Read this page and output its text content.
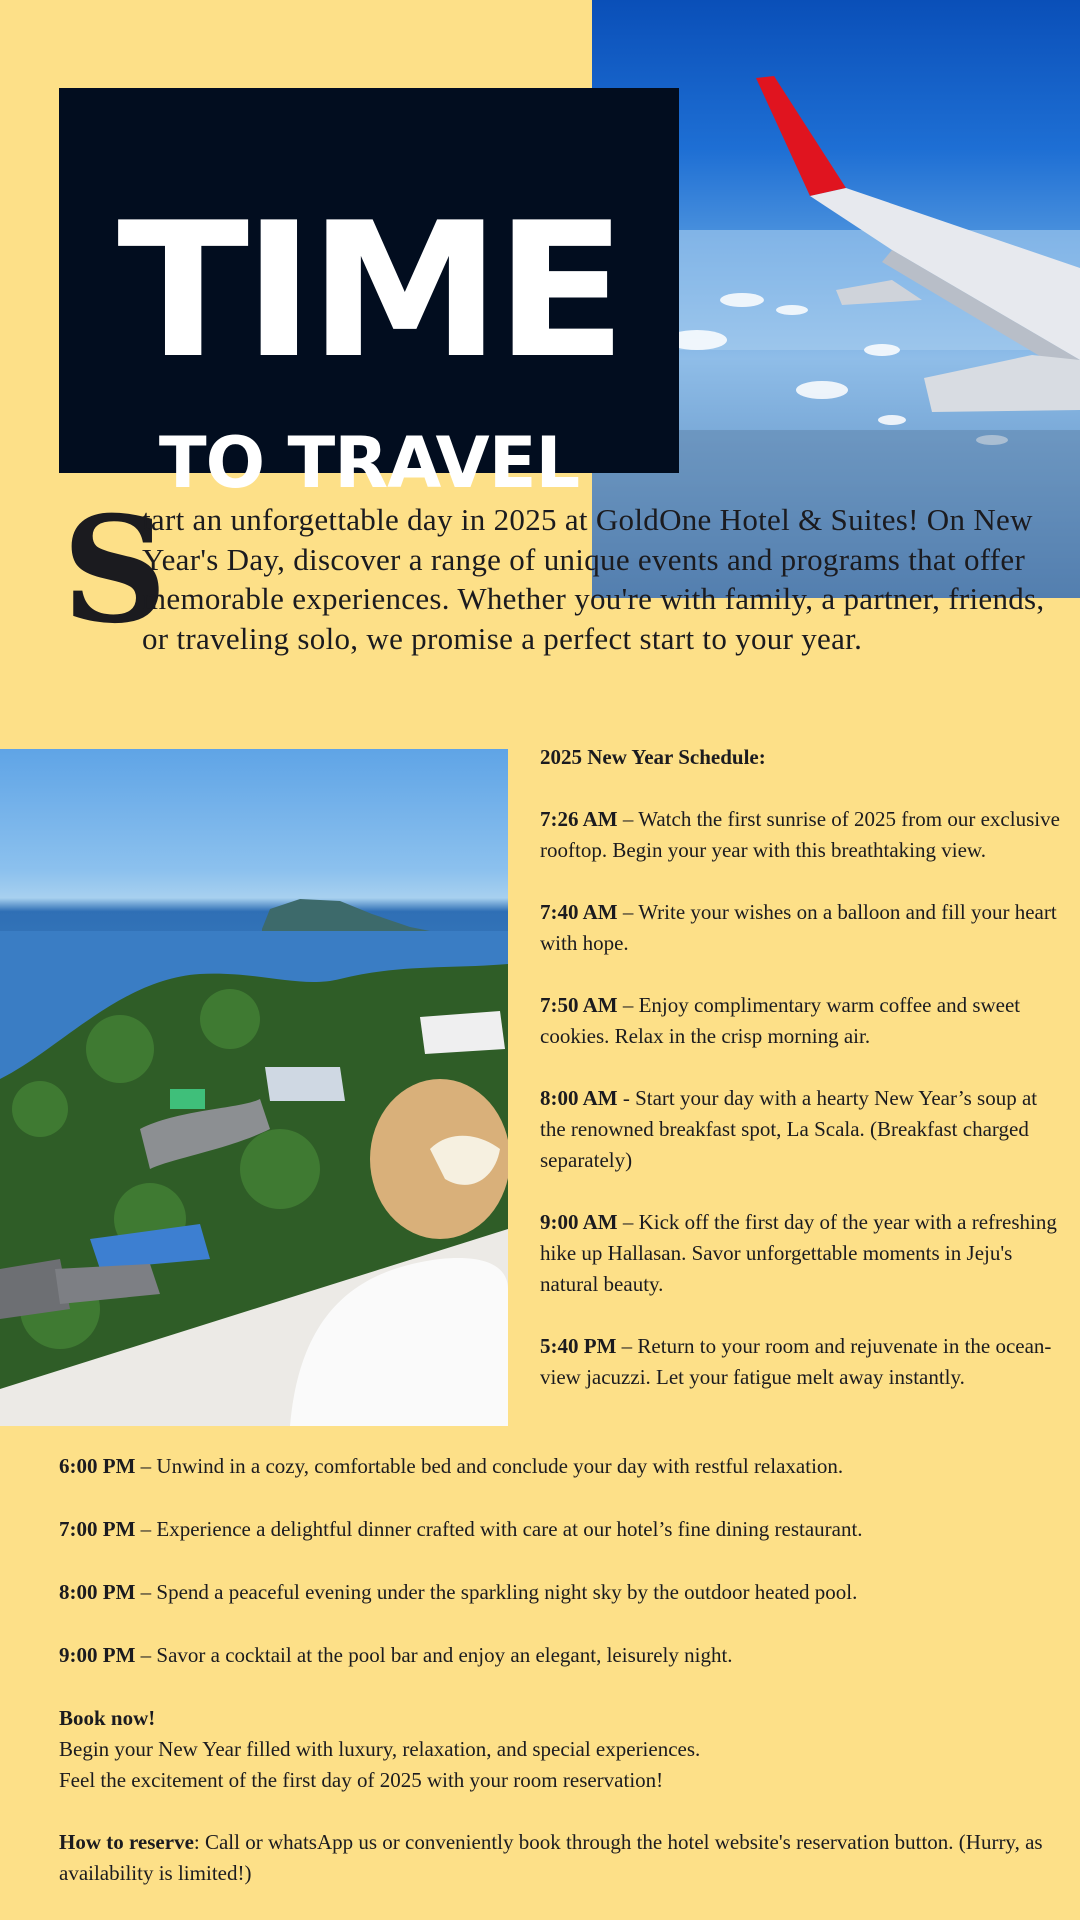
TIME
TO TRAVEL
S

tart an unforgettable day in 2025 at GoldOne Hotel & Suites! On New Year's Day, discover a range of unique events and programs that offer memorable experiences. Whether you're with family, a partner, friends, or traveling solo, we promise a perfect start to your year.

2025 New Year Schedule:

7:26 AM – Watch the first sunrise of 2025 from our exclusive rooftop. Begin your year with this breathtaking view.

7:40 AM – Write your wishes on a balloon and fill your heart with hope.

7:50 AM – Enjoy complimentary warm coffee and sweet cookies. Relax in the crisp morning air.

8:00 AM - Start your day with a hearty New Year’s soup at the renowned breakfast spot, La Scala. (Breakfast charged separately)

9:00 AM – Kick off the first day of the year with a refreshing hike up Hallasan. Savor unforgettable moments in Jeju's natural beauty.

5:40 PM – Return to your room and rejuvenate in the ocean-view jacuzzi. Let your fatigue melt away instantly.

6:00 PM – Unwind in a cozy, comfortable bed and conclude your day with restful relaxation.

7:00 PM – Experience a delightful dinner crafted with care at our hotel’s fine dining restaurant.

8:00 PM – Spend a peaceful evening under the sparkling night sky by the outdoor heated pool.

9:00 PM – Savor a cocktail at the pool bar and enjoy an elegant, leisurely night.

Book now!

Begin your New Year filled with luxury, relaxation, and special experiences.
Feel the excitement of the first day of 2025 with your room reservation!

How to reserve: Call or whatsApp us or conveniently book through the hotel website's reservation button. (Hurry, as availability is limited!)
